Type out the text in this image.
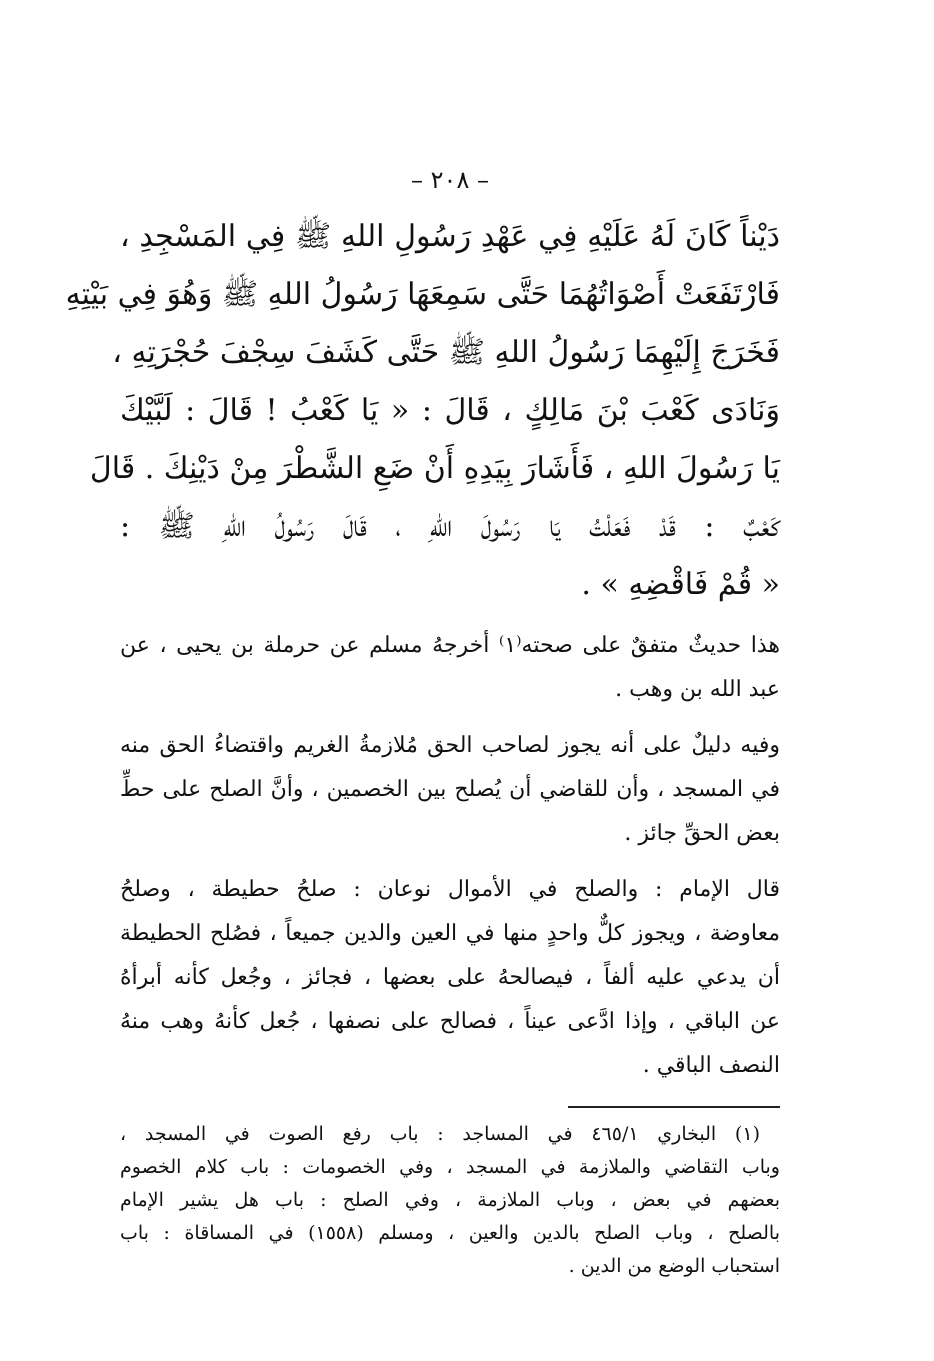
– ٢٠٨ –
دَيْناً كَانَ لَهُ عَلَيْهِ فِي عَهْدِ رَسُولِ اللهِ ﷺ فِي المَسْجِدِ ،
فَارْتَفَعَتْ أَصْوَاتُهُمَا حَتَّى سَمِعَهَا رَسُولُ اللهِ ﷺ وَهُوَ فِي بَيْتِهِ
فَخَرَجَ إِلَيْهِمَا رَسُولُ اللهِ ﷺ حَتَّى كَشَفَ سِجْفَ حُجْرَتِهِ ،
وَنَادَى كَعْبَ بْنَ مَالِكٍ ، قَالَ : « يَا كَعْبُ ! قَالَ : لَبَّيْكَ
يَا رَسُولَ اللهِ ، فَأَشَارَ بِيَدِهِ أَنْ ضَعِ الشَّطْرَ مِنْ دَيْنِكَ . قَالَ
كَعْبٌ : قَدْ فَعَلْتُ يَا رَسُولَ اللهِ ، قَالَ رَسُولُ اللهِ ﷺ :
« قُمْ فَاقْضِهِ » .
هذا حديثٌ متفقٌ على صحته⁽١⁾ أخرجهُ مسلم عن حرملة بن يحيى ، عن
عبد الله بن وهب .
وفيه دليلٌ على أنه يجوز لصاحب الحق مُلازمةُ الغريم واقتضاءُ الحق منه
في المسجد ، وأن للقاضي أن يُصلح بين الخصمين ، وأنَّ الصلح على حطِّ
بعض الحقِّ جائز .
قال الإمام : والصلح في الأموال نوعان : صلحُ حطيطة ، وصلحُ
معاوضة ، ويجوز كلٌّ واحدٍ منها في العين والدين جميعاً ، فصُلح الحطيطة
أن يدعي عليه ألفاً ، فيصالحهُ على بعضها ، فجائز ، وجُعل كأنه أبرأهُ
عن الباقي ، وإذا ادَّعى عيناً ، فصالح على نصفها ، جُعل كأنهُ وهب منهُ
النصف الباقي .
(١) البخاري ٤٦٥/١ في المساجد : باب رفع الصوت في المسجد ،
وباب التقاضي والملازمة في المسجد ، وفي الخصومات : باب كلام الخصوم
بعضهم في بعض ، وباب الملازمة ، وفي الصلح : باب هل يشير الإمام
بالصلح ، وباب الصلح بالدين والعين ، ومسلم (١٥٥٨) في المساقاة : باب
استحباب الوضع من الدين .
